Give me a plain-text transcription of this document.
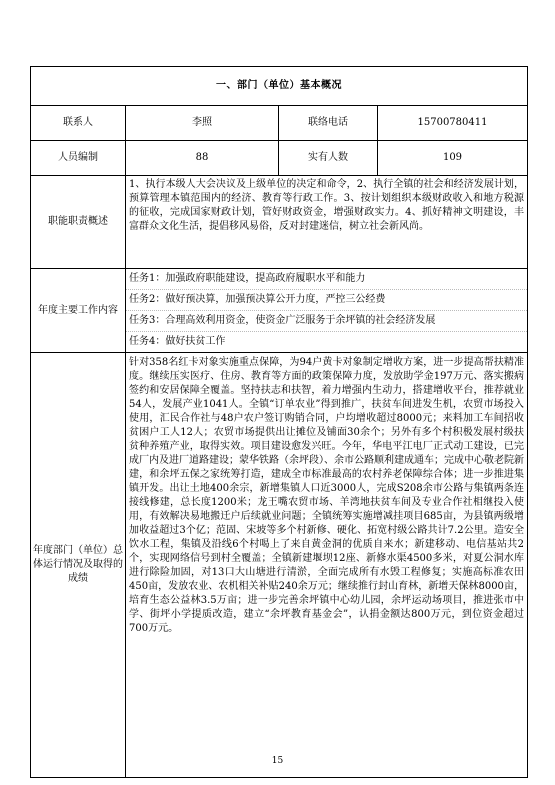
一、部门（单位）基本概况			
联系人	李照	联络电话	15700780411
人员编制	88	实有人数	109
职能职责概述	1、执行本级人大会决议及上级单位的决定和命令，2、执行全镇的社会和经济发展计划，预算管理本镇范围内的经济、教育等行政工作。3、按计划组织本级财政收入和地方税源的征收，完成国家财政计划，管好财政资金，增强财政实力。4、抓好精神文明建设，丰富群众文化生活，提倡移风易俗，反对封建迷信，树立社会新风尚。		
年度主要工作内容	任务1：加强政府职能建设，提高政府履职水平和能力
任务2：做好预决算，加强预决算公开力度，严控三公经费
任务3：合理高效利用资金，使资金广泛服务于余坪镇的社会经济发展
任务4：做好扶贫工作		

年度部门（单位）总体运行情况及取得的成绩	针对358名红卡对象实施重点保障，为94户黄卡对象制定增收方案，进一步提高帮扶精准度。继续压实医疗、住房、教育等方面的政策保障力度，发放助学金197万元、落实搬病签约和安居保障全覆盖。坚持扶志和扶智，着力增强内生动力，搭建增收平台，推荐就业54人，发展产业1041人。全镇“订单农业”得到推广，扶贫车间进发生机，农贸市场投入使用，汇民合作社与48户农户签订购销合同，户均增收超过8000元；来料加工车间招收贫困户工人12人；农贸市场提供出让摊位及铺面30余个；另外有多个村积极发展村级扶贫种养殖产业，取得实效。项目建设愈发兴旺。今年，华电平江电厂正式动工建设，已完成厂内及进厂道路建设；蒙华铁路（余坪段）、余市公路顺利建成通车；完成中心敬老院新建，和余坪五保之家统筹打造，建成全市标准最高的农村养老保障综合体；进一步推进集镇开发。出让土地400余宗，新增集镇人口近3000人，完成S208余市公路与集镇两条连接线修建，总长度1200米；龙王嘴农贸市场、羊湾地扶贫车间及专业合作社相继投入使用，有效解决易地搬迁户后续就业问题；全镇统筹实施增减挂项目685亩，为县镇两级增加收益超过3个亿；范固、宋坡等多个村新修、硬化、拓宽村级公路共计7.2公里。造安全饮水工程，集镇及沿线6个村喝上了来自黄金洞的优质自来水；新建移动、电信基站共2个，实现网络信号到村全覆盖；全镇新建堰坝12座、新修水渠4500多米，对夏公洞水库进行除险加固，对13口大山塘进行清淤，全面完成所有水毁工程修复；实施高标准农田450亩，发放农业、农机相关补贴240余万元；继续推行封山育林，新增天保林8000亩，培育生态公益林3.5万亩；进一步完善余坪镇中心幼儿园，余坪运动场项目，推进张市中学、街坪小学提质改造，建立“余坪教育基金会”，认捐金额达800万元，到位资金超过700万元。		
15
